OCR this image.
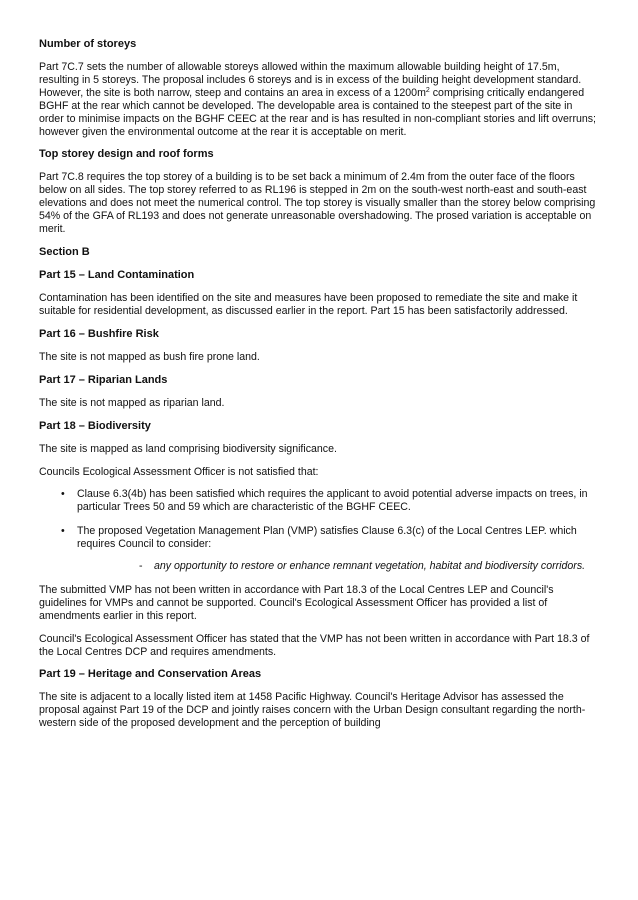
Number of storeys

Part 7C.7 sets the number of allowable storeys allowed within the maximum allowable building height of 17.5m, resulting in 5 storeys. The proposal includes 6 storeys and is in excess of the building height development standard. However, the site is both narrow, steep and contains an area in excess of a $1200m^2$ comprising critically endangered BGHF at the rear which cannot be developed. The developable area is contained to the steepest part of the site in order to minimise impacts on the BGHF CEEC at the rear and is has resulted in non-compliant stories and lift overruns; however given the environmental outcome at the rear it is acceptable on merit.

Top storey design and roof forms

Part 7C.8 requires the top storey of a building is to be set back a minimum of 2.4m from the outer face of the floors below on all sides. The top storey referred to as RL196 is stepped in 2m on the south-west north-east and south-east elevations and does not meet the numerical control. The top storey is visually smaller than the storey below comprising 54% of the GFA of RL193 and does not generate unreasonable overshadowing. The prosed variation is acceptable on merit.

Section B
Part 15 – Land Contamination

Contamination has been identified on the site and measures have been proposed to remediate the site and make it suitable for residential development, as discussed earlier in the report. Part 15 has been satisfactorily addressed.

Part 16 – Bushfire Risk

The site is not mapped as bush fire prone land.

Part 17 – Riparian Lands

The site is not mapped as riparian land.

Part 18 – Biodiversity

The site is mapped as land comprising biodiversity significance.

Councils Ecological Assessment Officer is not satisfied that:

• Clause 6.3(4b) has been satisfied which requires the applicant to avoid potential adverse impacts on trees, in particular Trees 50 and 59 which are characteristic of the BGHF CEEC.
• The proposed Vegetation Management Plan (VMP) satisfies Clause 6.3(c) of the Local Centres LEP. which requires Council to consider:
- any opportunity to restore or enhance remnant vegetation, habitat and biodiversity corridors.

The submitted VMP has not been written in accordance with Part 18.3 of the Local Centres LEP and Council's guidelines for VMPs and cannot be supported. Council's Ecological Assessment Officer has provided a list of amendments earlier in this report.

Council's Ecological Assessment Officer has stated that the VMP has not been written in accordance with Part 18.3 of the Local Centres DCP and requires amendments.

Part 19 – Heritage and Conservation Areas

The site is adjacent to a locally listed item at 1458 Pacific Highway. Council's Heritage Advisor has assessed the proposal against Part 19 of the DCP and jointly raises concern with the Urban Design consultant regarding the north-western side of the proposed development and the perception of building
